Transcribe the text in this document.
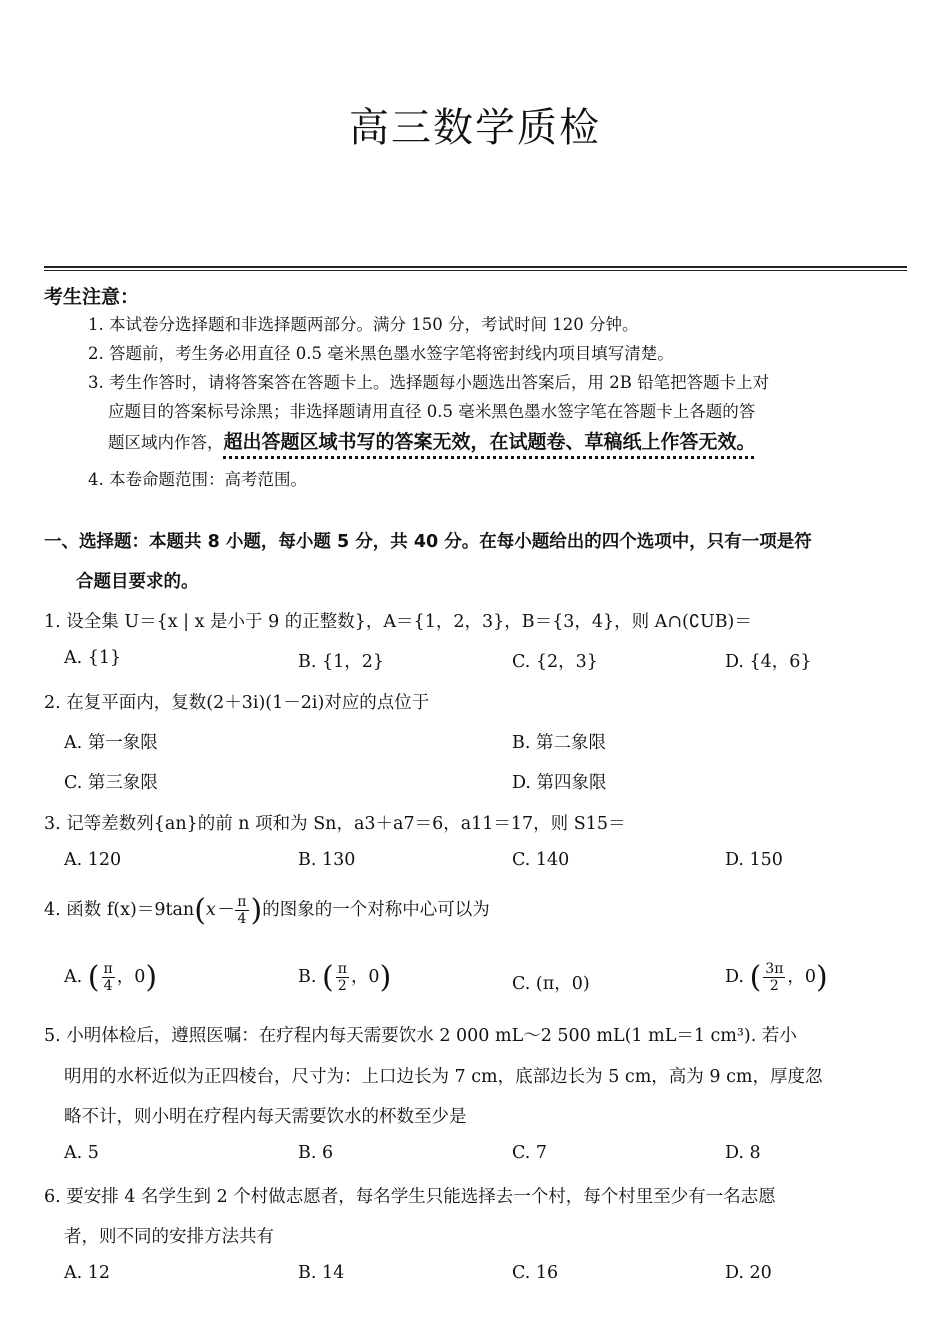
高三数学质检
考生注意：
1. 本试卷分选择题和非选择题两部分。满分 150 分，考试时间 120 分钟。
2. 答题前，考生务必用直径 0.5 毫米黑色墨水签字笔将密封线内项目填写清楚。
3. 考生作答时，请将答案答在答题卡上。选择题每小题选出答案后，用 2B 铅笔把答题卡上对
应题目的答案标号涂黑；非选择题请用直径 0.5 毫米黑色墨水签字笔在答题卡上各题的答
题区域内作答，超出答题区域书写的答案无效，在试题卷、草稿纸上作答无效。
4. 本卷命题范围：高考范围。
一、选择题：本题共 8 小题，每小题 5 分，共 40 分。在每小题给出的四个选项中，只有一项是符
合题目要求的。
1. 设全集 U＝{x | x 是小于 9 的正整数}，A＝{1，2，3}，B＝{3，4}，则 A∩(∁UB)＝
A. {1}	B. {1，2}	C. {2，3}	D. {4，6}
2. 在复平面内，复数(2＋3i)(1－2i)对应的点位于
A. 第一象限	B. 第二象限
C. 第三象限	D. 第四象限
3. 记等差数列{an}的前 n 项和为 Sn，a3＋a7＝6，a11＝17，则 S15＝
A. 120	B. 130	C. 140	D. 150
4. 函数 $f(x)=9\tan(x- \frac{\pi}{4}$ )的图象的一个对称中心可以为
A. ( $\frac{\pi}{4}$ ，0)	B. ( $\frac{\pi}{2}$ ，0)	C. (π，0)	D. ( $\frac{3\pi}{2}$ ，0)
5. 小明体检后，遵照医嘱：在疗程内每天需要饮水 2 000 mL～2 500 mL(1 mL＝1 cm³). 若小
明用的水杯近似为正四棱台，尺寸为：上口边长为 7 cm，底部边长为 5 cm，高为 9 cm，厚度忽
略不计，则小明在疗程内每天需要饮水的杯数至少是
A. 5	B. 6	C. 7	D. 8
6. 要安排 4 名学生到 2 个村做志愿者，每名学生只能选择去一个村，每个村里至少有一名志愿
者，则不同的安排方法共有
A. 12	B. 14	C. 16	D. 20
